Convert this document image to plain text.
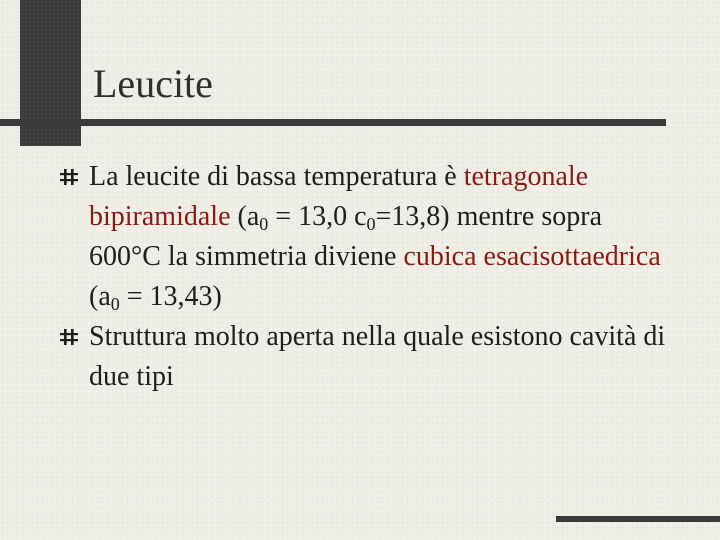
Leucite
La leucite di bassa temperatura è tetragonale bipiramidale ($a_0 = 13,0$ $c_0=13,8$) mentre sopra 600°C la simmetria diviene cubica esacisottaedrica $(a_0 = 13,43)$
Struttura molto aperta nella quale esistono cavità di due tipi
